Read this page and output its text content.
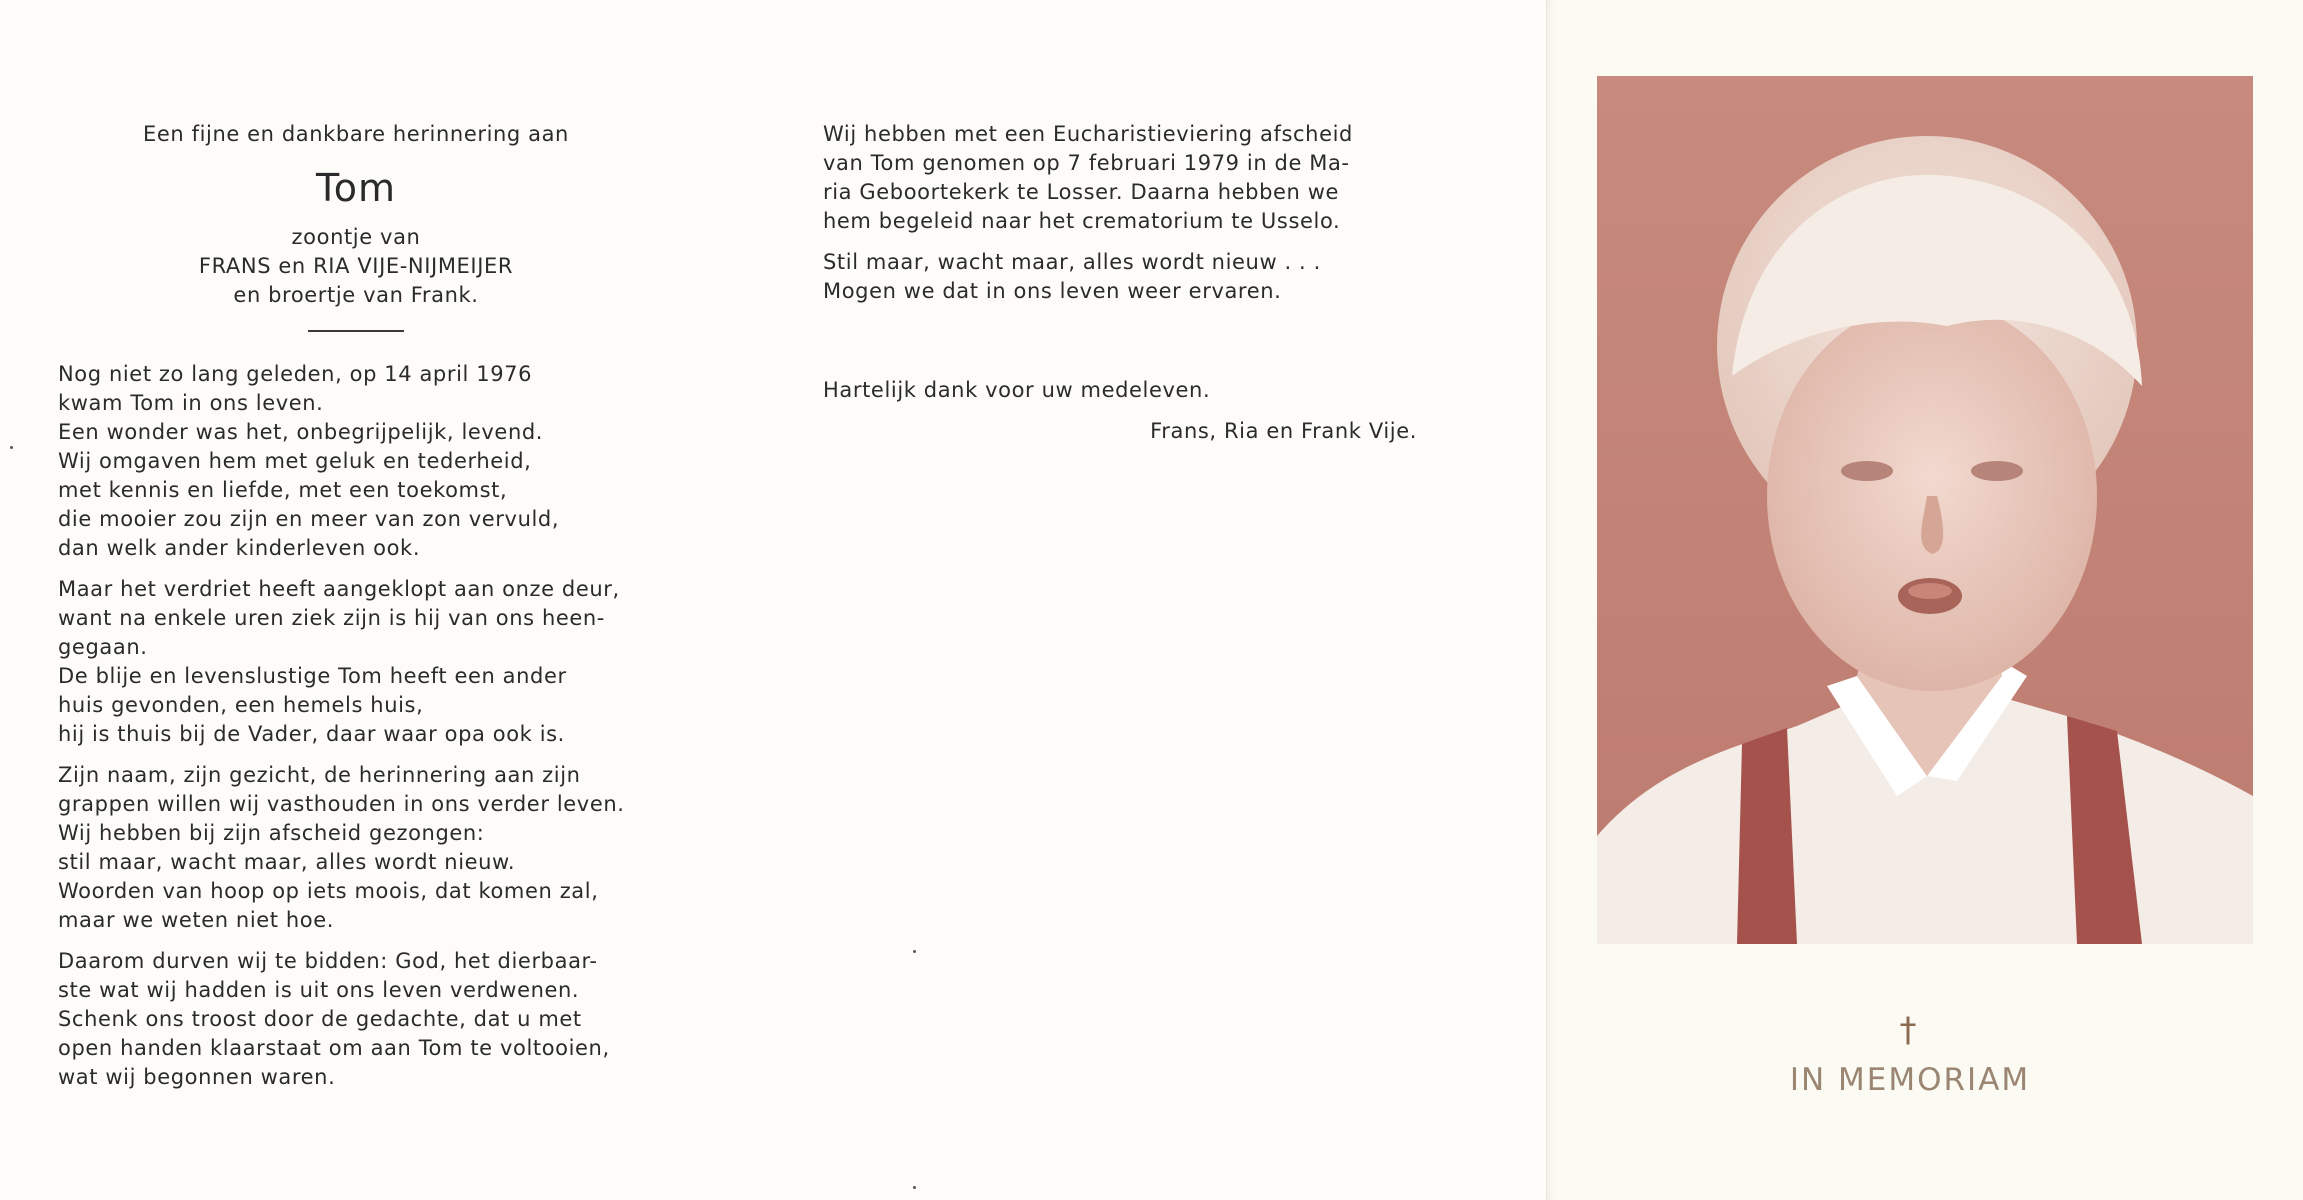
Een fijne en dankbare herinnering aan
Tom
zoontje van
FRANS en RIA VIJE-NIJMEIJER
en broertje van Frank.
Nog niet zo lang geleden, op 14 april 1976
kwam Tom in ons leven.
Een wonder was het, onbegrijpelijk, levend.
Wij omgaven hem met geluk en tederheid,
met kennis en liefde, met een toekomst,
die mooier zou zijn en meer van zon vervuld,
dan welk ander kinderleven ook.
Maar het verdriet heeft aangeklopt aan onze deur,
want na enkele uren ziek zijn is hij van ons heen-
gegaan.
De blije en levenslustige Tom heeft een ander
huis gevonden, een hemels huis,
hij is thuis bij de Vader, daar waar opa ook is.
Zijn naam, zijn gezicht, de herinnering aan zijn
grappen willen wij vasthouden in ons verder leven.
Wij hebben bij zijn afscheid gezongen:
stil maar, wacht maar, alles wordt nieuw.
Woorden van hoop op iets moois, dat komen zal,
maar we weten niet hoe.
Daarom durven wij te bidden: God, het dierbaar-
ste wat wij hadden is uit ons leven verdwenen.
Schenk ons troost door de gedachte, dat u met
open handen klaarstaat om aan Tom te voltooien,
wat wij begonnen waren.
Wij hebben met een Eucharistieviering afscheid
van Tom genomen op 7 februari 1979 in de Ma-
ria Geboortekerk te Losser. Daarna hebben we
hem begeleid naar het crematorium te Usselo.
Stil maar, wacht maar, alles wordt nieuw . . .
Mogen we dat in ons leven weer ervaren.
Hartelijk dank voor uw medeleven.
Frans, Ria en Frank Vije.
†
IN MEMORIAM
